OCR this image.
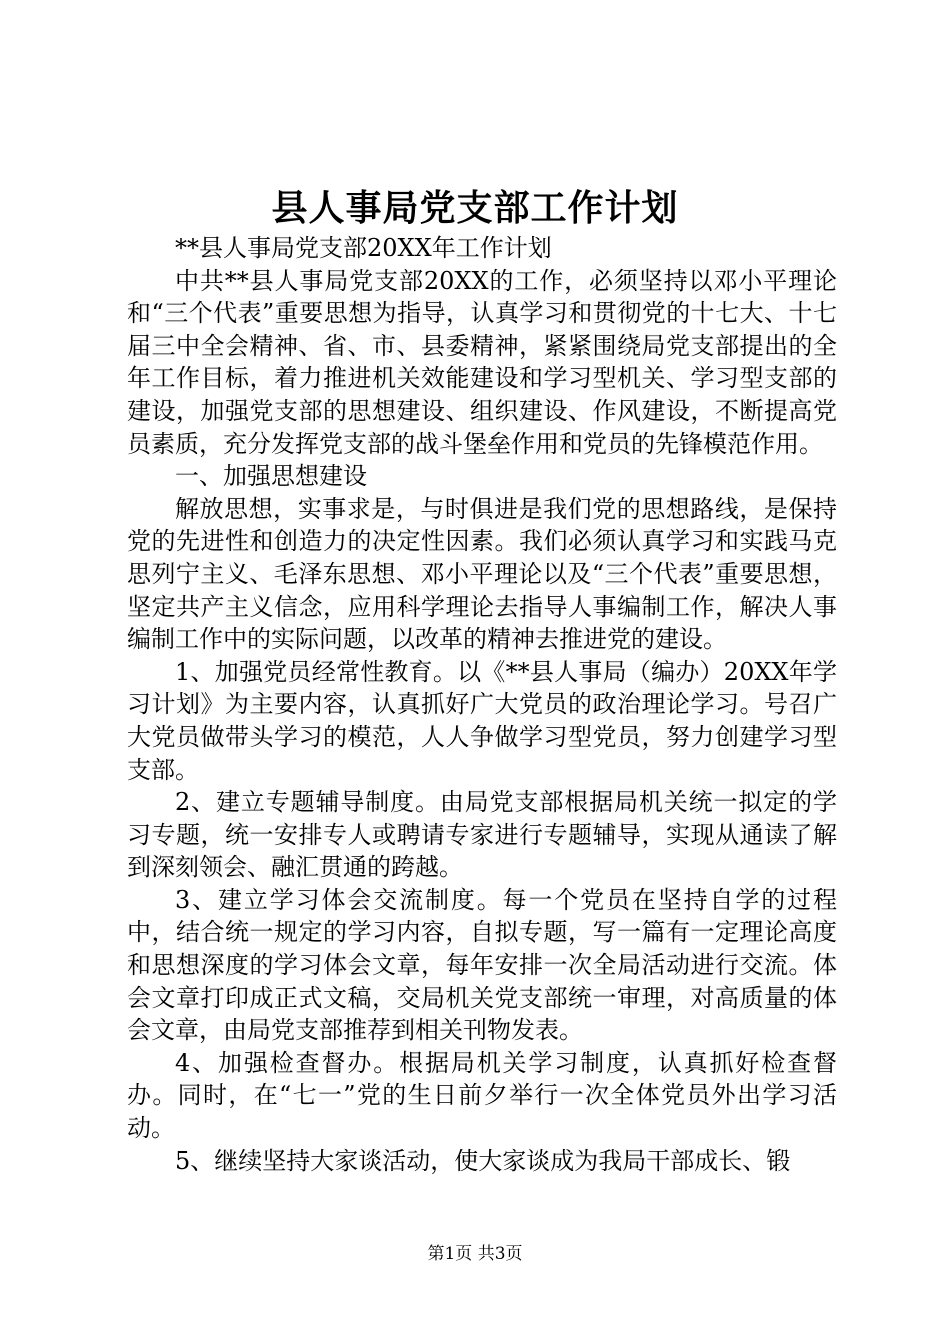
县人事局党支部工作计划

**县人事局党支部20XX年工作计划

中共**县人事局党支部20XX的工作，必须坚持以邓小平理论和“三个代表”重要思想为指导，认真学习和贯彻党的十七大、十七届三中全会精神、省、市、县委精神，紧紧围绕局党支部提出的全年工作目标，着力推进机关效能建设和学习型机关、学习型支部的建设，加强党支部的思想建设、组织建设、作风建设，不断提高党员素质，充分发挥党支部的战斗堡垒作用和党员的先锋模范作用。

一、加强思想建设

解放思想，实事求是，与时俱进是我们党的思想路线，是保持党的先进性和创造力的决定性因素。我们必须认真学习和实践马克思列宁主义、毛泽东思想、邓小平理论以及“三个代表”重要思想，坚定共产主义信念，应用科学理论去指导人事编制工作，解决人事编制工作中的实际问题，以改革的精神去推进党的建设。

1、加强党员经常性教育。以《**县人事局（编办）20XX年学习计划》为主要内容，认真抓好广大党员的政治理论学习。号召广大党员做带头学习的模范，人人争做学习型党员，努力创建学习型支部。

2、建立专题辅导制度。由局党支部根据局机关统一拟定的学习专题，统一安排专人或聘请专家进行专题辅导，实现从通读了解到深刻领会、融汇贯通的跨越。

3、建立学习体会交流制度。每一个党员在坚持自学的过程中，结合统一规定的学习内容，自拟专题，写一篇有一定理论高度和思想深度的学习体会文章，每年安排一次全局活动进行交流。体会文章打印成正式文稿，交局机关党支部统一审理，对高质量的体会文章，由局党支部推荐到相关刊物发表。

4、加强检查督办。根据局机关学习制度，认真抓好检查督办。同时，在“七一”党的生日前夕举行一次全体党员外出学习活动。

5、继续坚持大家谈活动，使大家谈成为我局干部成长、锻

第1页 共3页
